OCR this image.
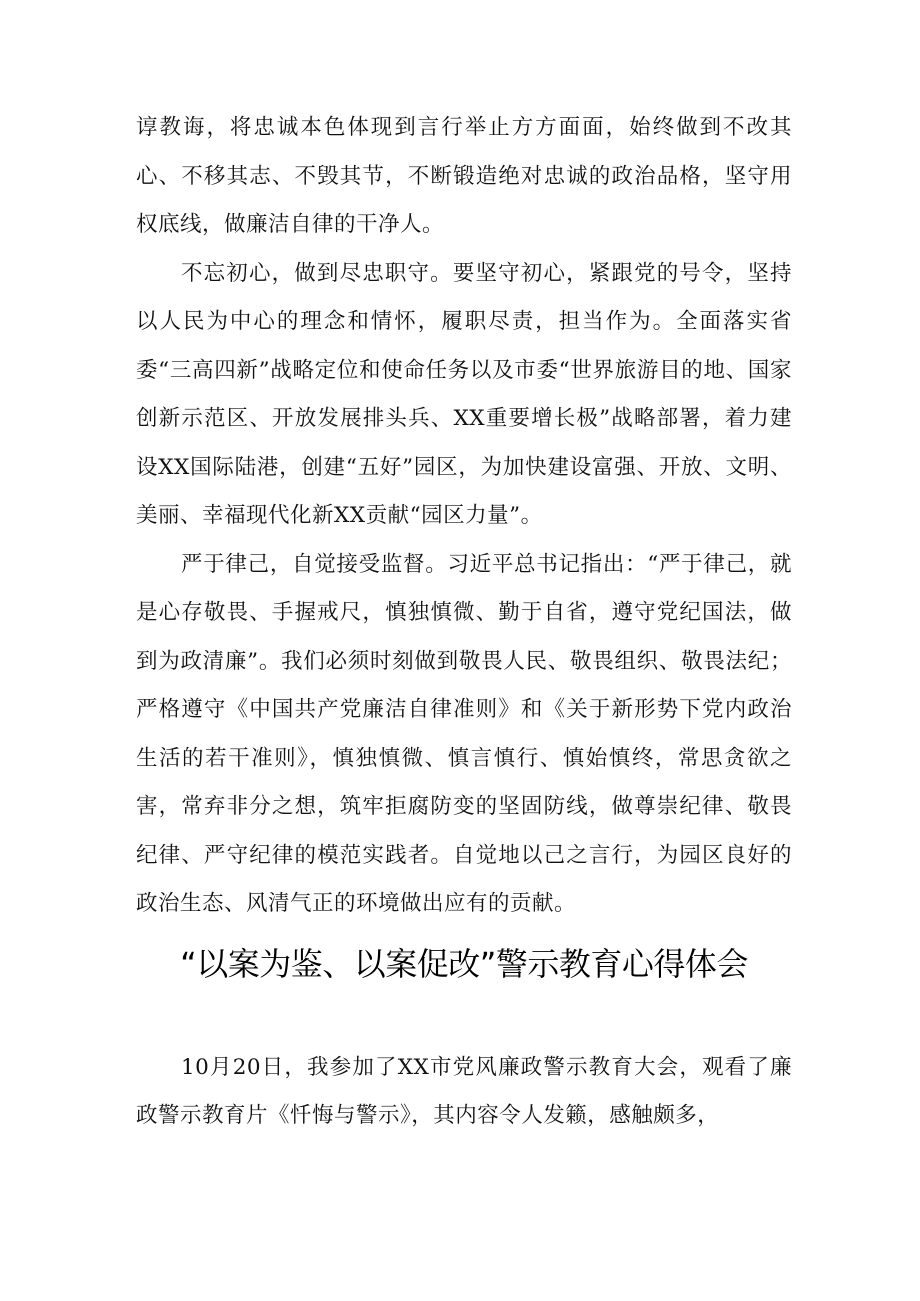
谆教诲，将忠诚本色体现到言行举止方方面面，始终做到不改其心、不移其志、不毁其节，不断锻造绝对忠诚的政治品格，坚守用权底线，做廉洁自律的干净人。

不忘初心，做到尽忠职守。要坚守初心，紧跟党的号令，坚持以人民为中心的理念和情怀，履职尽责，担当作为。全面落实省委“三高四新”战略定位和使命任务以及市委“世界旅游目的地、国家创新示范区、开放发展排头兵、XX重要增长极”战略部署，着力建设XX国际陆港，创建“五好”园区，为加快建设富强、开放、文明、美丽、幸福现代化新XX贡献“园区力量”。

严于律己，自觉接受监督。习近平总书记指出：“严于律己，就是心存敬畏、手握戒尺，慎独慎微、勤于自省，遵守党纪国法，做到为政清廉”。我们必须时刻做到敬畏人民、敬畏组织、敬畏法纪；严格遵守《中国共产党廉洁自律准则》和《关于新形势下党内政治生活的若干准则》，慎独慎微、慎言慎行、慎始慎终，常思贪欲之害，常弃非分之想，筑牢拒腐防变的坚固防线，做尊崇纪律、敬畏纪律、严守纪律的模范实践者。自觉地以己之言行，为园区良好的政治生态、风清气正的环境做出应有的贡献。

“以案为鉴、以案促改”警示教育心得体会

10月20日，我参加了XX市党风廉政警示教育大会，观看了廉政警示教育片《忏悔与警示》，其内容令人发籁，感触颇多，
